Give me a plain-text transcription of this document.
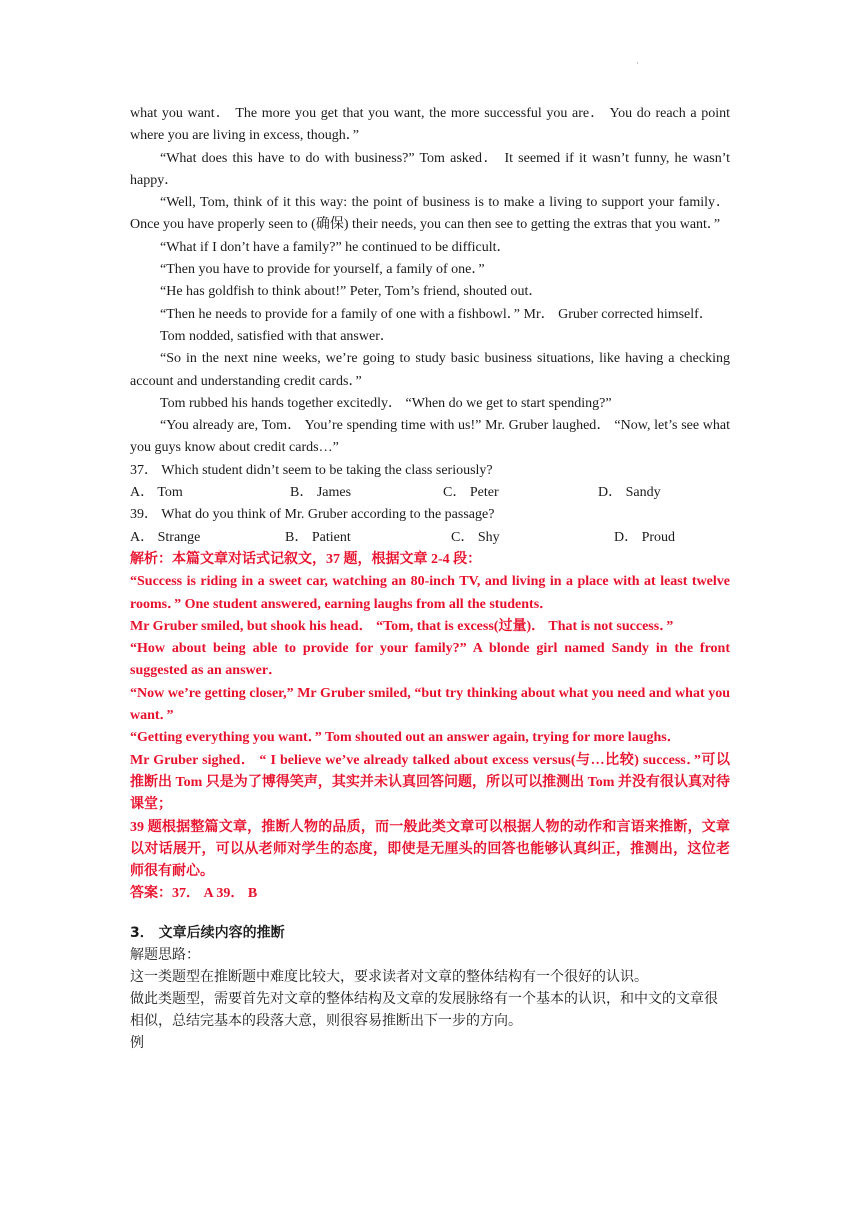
·

what you want． The more you get that you want, the more successful you are． You do reach a point where you are living in excess, though．”

“What does this have to do with business?” Tom asked． It seemed if it wasn’t funny, he wasn’t happy．

“Well, Tom, think of it this way: the point of business is to make a living to support your family． Once you have properly seen to (确保) their needs, you can then see to getting the extras that you want．”

“What if I don’t have a family?” he continued to be difficult．

“Then you have to provide for yourself, a family of one．”

“He has goldfish to think about!” Peter, Tom’s friend, shouted out．

“Then he needs to provide for a family of one with a fishbowl．” Mr． Gruber corrected himself．

Tom nodded, satisfied with that answer．

“So in the next nine weeks, we’re going to study basic business situations, like having a checking account and understanding credit cards．”

Tom rubbed his hands together excitedly． “When do we get to start spending?”

“You already are, Tom． You’re spending time with us!” Mr. Gruber laughed． “Now, let’s see what you guys know about credit cards…”

37． Which student didn’t seem to be taking the class seriously?

A． Tom	B． James	C． Peter	D． Sandy

39． What do you think of Mr. Gruber according to the passage?

A． Strange	B． Patient	C． Shy	D． Proud

解析：本篇文章对话式记叙文，37 题，根据文章 2-4 段：

“Success is riding in a sweet car, watching an 80-inch TV, and living in a place with at least twelve rooms．” One student answered, earning laughs from all the students．

Mr Gruber smiled, but shook his head． “Tom, that is excess(过量)． That is not success．”

“How about being able to provide for your family?” A blonde girl named Sandy in the front suggested as an answer．

“Now we’re getting closer,” Mr Gruber smiled, “but try thinking about what you need and what you want．”

“Getting everything you want．” Tom shouted out an answer again, trying for more laughs．

Mr Gruber sighed． “ I believe we’ve already talked about excess versus(与…比较) success．”可以推断出 Tom 只是为了博得笑声，其实并未认真回答问题，所以可以推测出 Tom 并没有很认真对待课堂；

39 题根据整篇文章，推断人物的品质，而一般此类文章可以根据人物的动作和言语来推断，文章以对话展开，可以从老师对学生的态度，即使是无厘头的回答也能够认真纠正，推测出，这位老师很有耐心。

答案：37． A 39． B

3． 文章后续内容的推断

解题思路：

这一类题型在推断题中难度比较大，要求读者对文章的整体结构有一个很好的认识。

做此类题型，需要首先对文章的整体结构及文章的发展脉络有一个基本的认识，和中文的文章很相似，总结完基本的段落大意，则很容易推断出下一步的方向。

例
